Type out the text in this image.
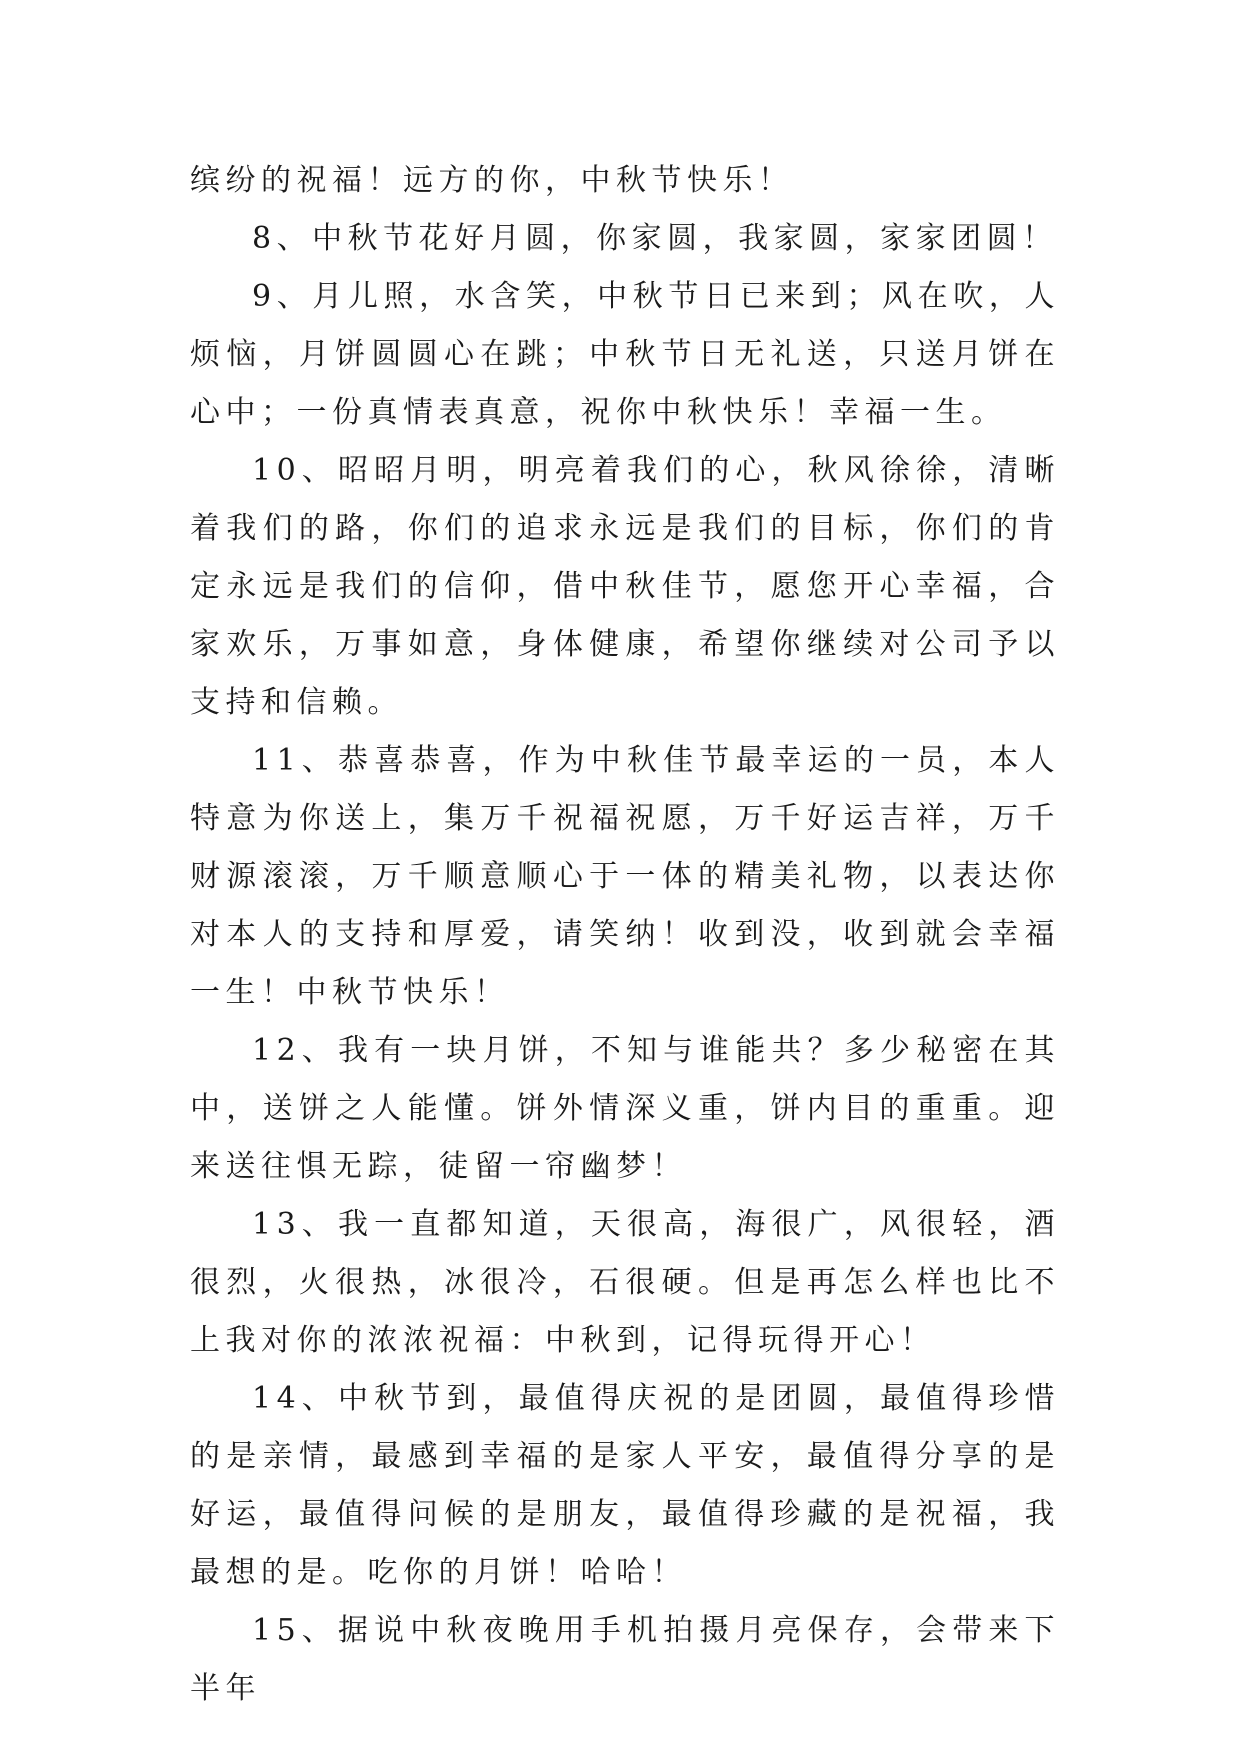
缤纷的祝福！远方的你，中秋节快乐！

8、中秋节花好月圆，你家圆，我家圆，家家团圆！

9、月儿照，水含笑，中秋节日已来到；风在吹，人烦恼，月饼圆圆心在跳；中秋节日无礼送，只送月饼在心中；一份真情表真意，祝你中秋快乐！幸福一生。

10、昭昭月明，明亮着我们的心，秋风徐徐，清晰着我们的路，你们的追求永远是我们的目标，你们的肯定永远是我们的信仰，借中秋佳节，愿您开心幸福，合家欢乐，万事如意，身体健康，希望你继续对公司予以支持和信赖。

11、恭喜恭喜，作为中秋佳节最幸运的一员，本人特意为你送上，集万千祝福祝愿，万千好运吉祥，万千财源滚滚，万千顺意顺心于一体的精美礼物，以表达你对本人的支持和厚爱，请笑纳！收到没，收到就会幸福一生！中秋节快乐！

12、我有一块月饼，不知与谁能共？多少秘密在其中，送饼之人能懂。饼外情深义重，饼内目的重重。迎来送往惧无踪，徒留一帘幽梦！

13、我一直都知道，天很高，海很广，风很轻，酒很烈，火很热，冰很冷，石很硬。但是再怎么样也比不上我对你的浓浓祝福：中秋到，记得玩得开心！

14、中秋节到，最值得庆祝的是团圆，最值得珍惜的是亲情，最感到幸福的是家人平安，最值得分享的是好运，最值得问候的是朋友，最值得珍藏的是祝福，我最想的是。吃你的月饼！哈哈！

15、据说中秋夜晚用手机拍摄月亮保存，会带来下半年
